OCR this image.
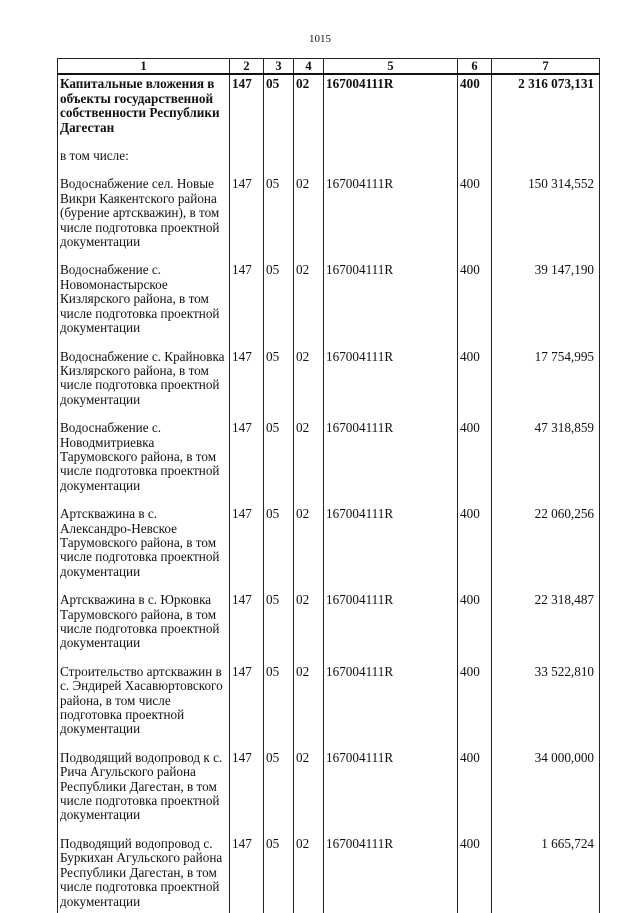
1015
1	2	3	4	5	6	7
Капитальные вложения в объекты государственной собственности Республики Дагестан	147	05	02	167004111R	400	2 316 073,131
в том числе:						
Водоснабжение сел. Новые Викри Каякентского района (бурение артскважин), в том числе подготовка проектной документации	147	05	02	167004111R	400	150 314,552
Водоснабжение с. Новомонастырское Кизлярского района, в том числе подготовка проектной документации	147	05	02	167004111R	400	39 147,190
Водоснабжение с. Крайновка Кизлярского района, в том числе подготовка проектной документации	147	05	02	167004111R	400	17 754,995
Водоснабжение с. Новодмитриевка Тарумовского района, в том числе подготовка проектной документации	147	05	02	167004111R	400	47 318,859
Артскважина в с. Александро-Невское Тарумовского района, в том числе подготовка проектной документации	147	05	02	167004111R	400	22 060,256
Артскважина в с. Юрковка Тарумовского района, в том числе подготовка проектной документации	147	05	02	167004111R	400	22 318,487
Строительство артскважин в с. Эндирей Хасавюртовского района, в том числе подготовка проектной документации	147	05	02	167004111R	400	33 522,810
Подводящий водопровод к с. Рича Агульского района Республики Дагестан, в том числе подготовка проектной документации	147	05	02	167004111R	400	34 000,000
Подводящий водопровод с. Буркихан Агульского района Республики Дагестан, в том числе подготовка проектной документации	147	05	02	167004111R	400	1 665,724
